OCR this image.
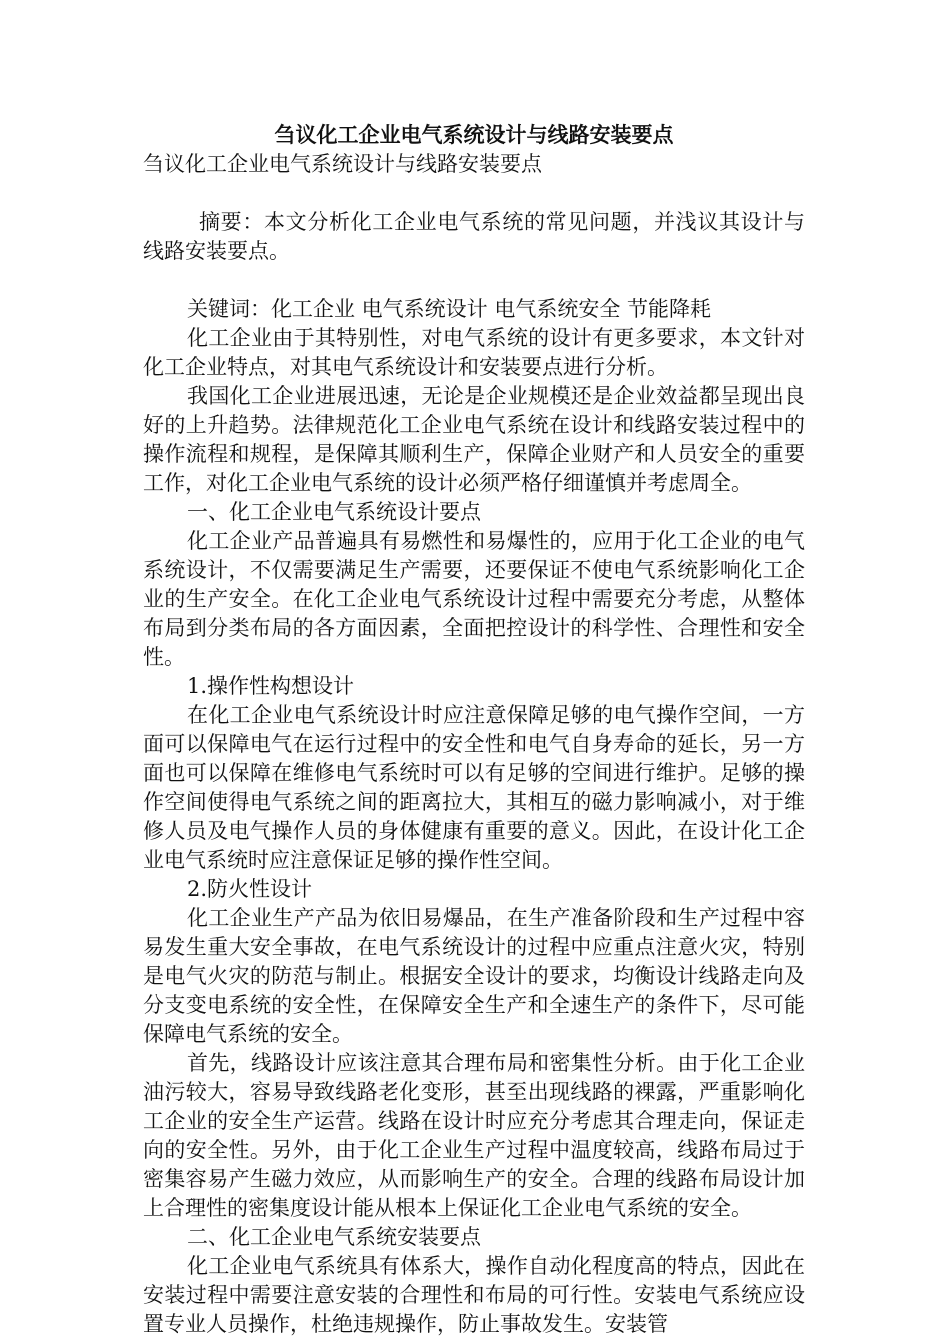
刍议化工企业电气系统设计与线路安装要点

刍议化工企业电气系统设计与线路安装要点

摘要：本文分析化工企业电气系统的常见问题，并浅议其设计与线路安装要点。

关键词：化工企业 电气系统设计 电气系统安全 节能降耗

化工企业由于其特别性，对电气系统的设计有更多要求，本文针对化工企业特点，对其电气系统设计和安装要点进行分析。

我国化工企业进展迅速，无论是企业规模还是企业效益都呈现出良好的上升趋势。法律规范化工企业电气系统在设计和线路安装过程中的操作流程和规程，是保障其顺利生产，保障企业财产和人员安全的重要工作，对化工企业电气系统的设计必须严格仔细谨慎并考虑周全。

一、化工企业电气系统设计要点

化工企业产品普遍具有易燃性和易爆性的，应用于化工企业的电气系统设计，不仅需要满足生产需要，还要保证不使电气系统影响化工企业的生产安全。在化工企业电气系统设计过程中需要充分考虑，从整体布局到分类布局的各方面因素，全面把控设计的科学性、合理性和安全性。

1.操作性构想设计

在化工企业电气系统设计时应注意保障足够的电气操作空间，一方面可以保障电气在运行过程中的安全性和电气自身寿命的延长，另一方面也可以保障在维修电气系统时可以有足够的空间进行维护。足够的操作空间使得电气系统之间的距离拉大，其相互的磁力影响减小，对于维修人员及电气操作人员的身体健康有重要的意义。因此，在设计化工企业电气系统时应注意保证足够的操作性空间。

2.防火性设计

化工企业生产产品为依旧易爆品，在生产准备阶段和生产过程中容易发生重大安全事故，在电气系统设计的过程中应重点注意火灾，特别是电气火灾的防范与制止。根据安全设计的要求，均衡设计线路走向及分支变电系统的安全性，在保障安全生产和全速生产的条件下，尽可能保障电气系统的安全。

首先，线路设计应该注意其合理布局和密集性分析。由于化工企业油污较大，容易导致线路老化变形，甚至出现线路的裸露，严重影响化工企业的安全生产运营。线路在设计时应充分考虑其合理走向，保证走向的安全性。另外，由于化工企业生产过程中温度较高，线路布局过于密集容易产生磁力效应，从而影响生产的安全。合理的线路布局设计加上合理性的密集度设计能从根本上保证化工企业电气系统的安全。

二、化工企业电气系统安装要点

化工企业电气系统具有体系大，操作自动化程度高的特点，因此在安装过程中需要注意安装的合理性和布局的可行性。安装电气系统应设置专业人员操作，杜绝违规操作，防止事故发生。安装管
